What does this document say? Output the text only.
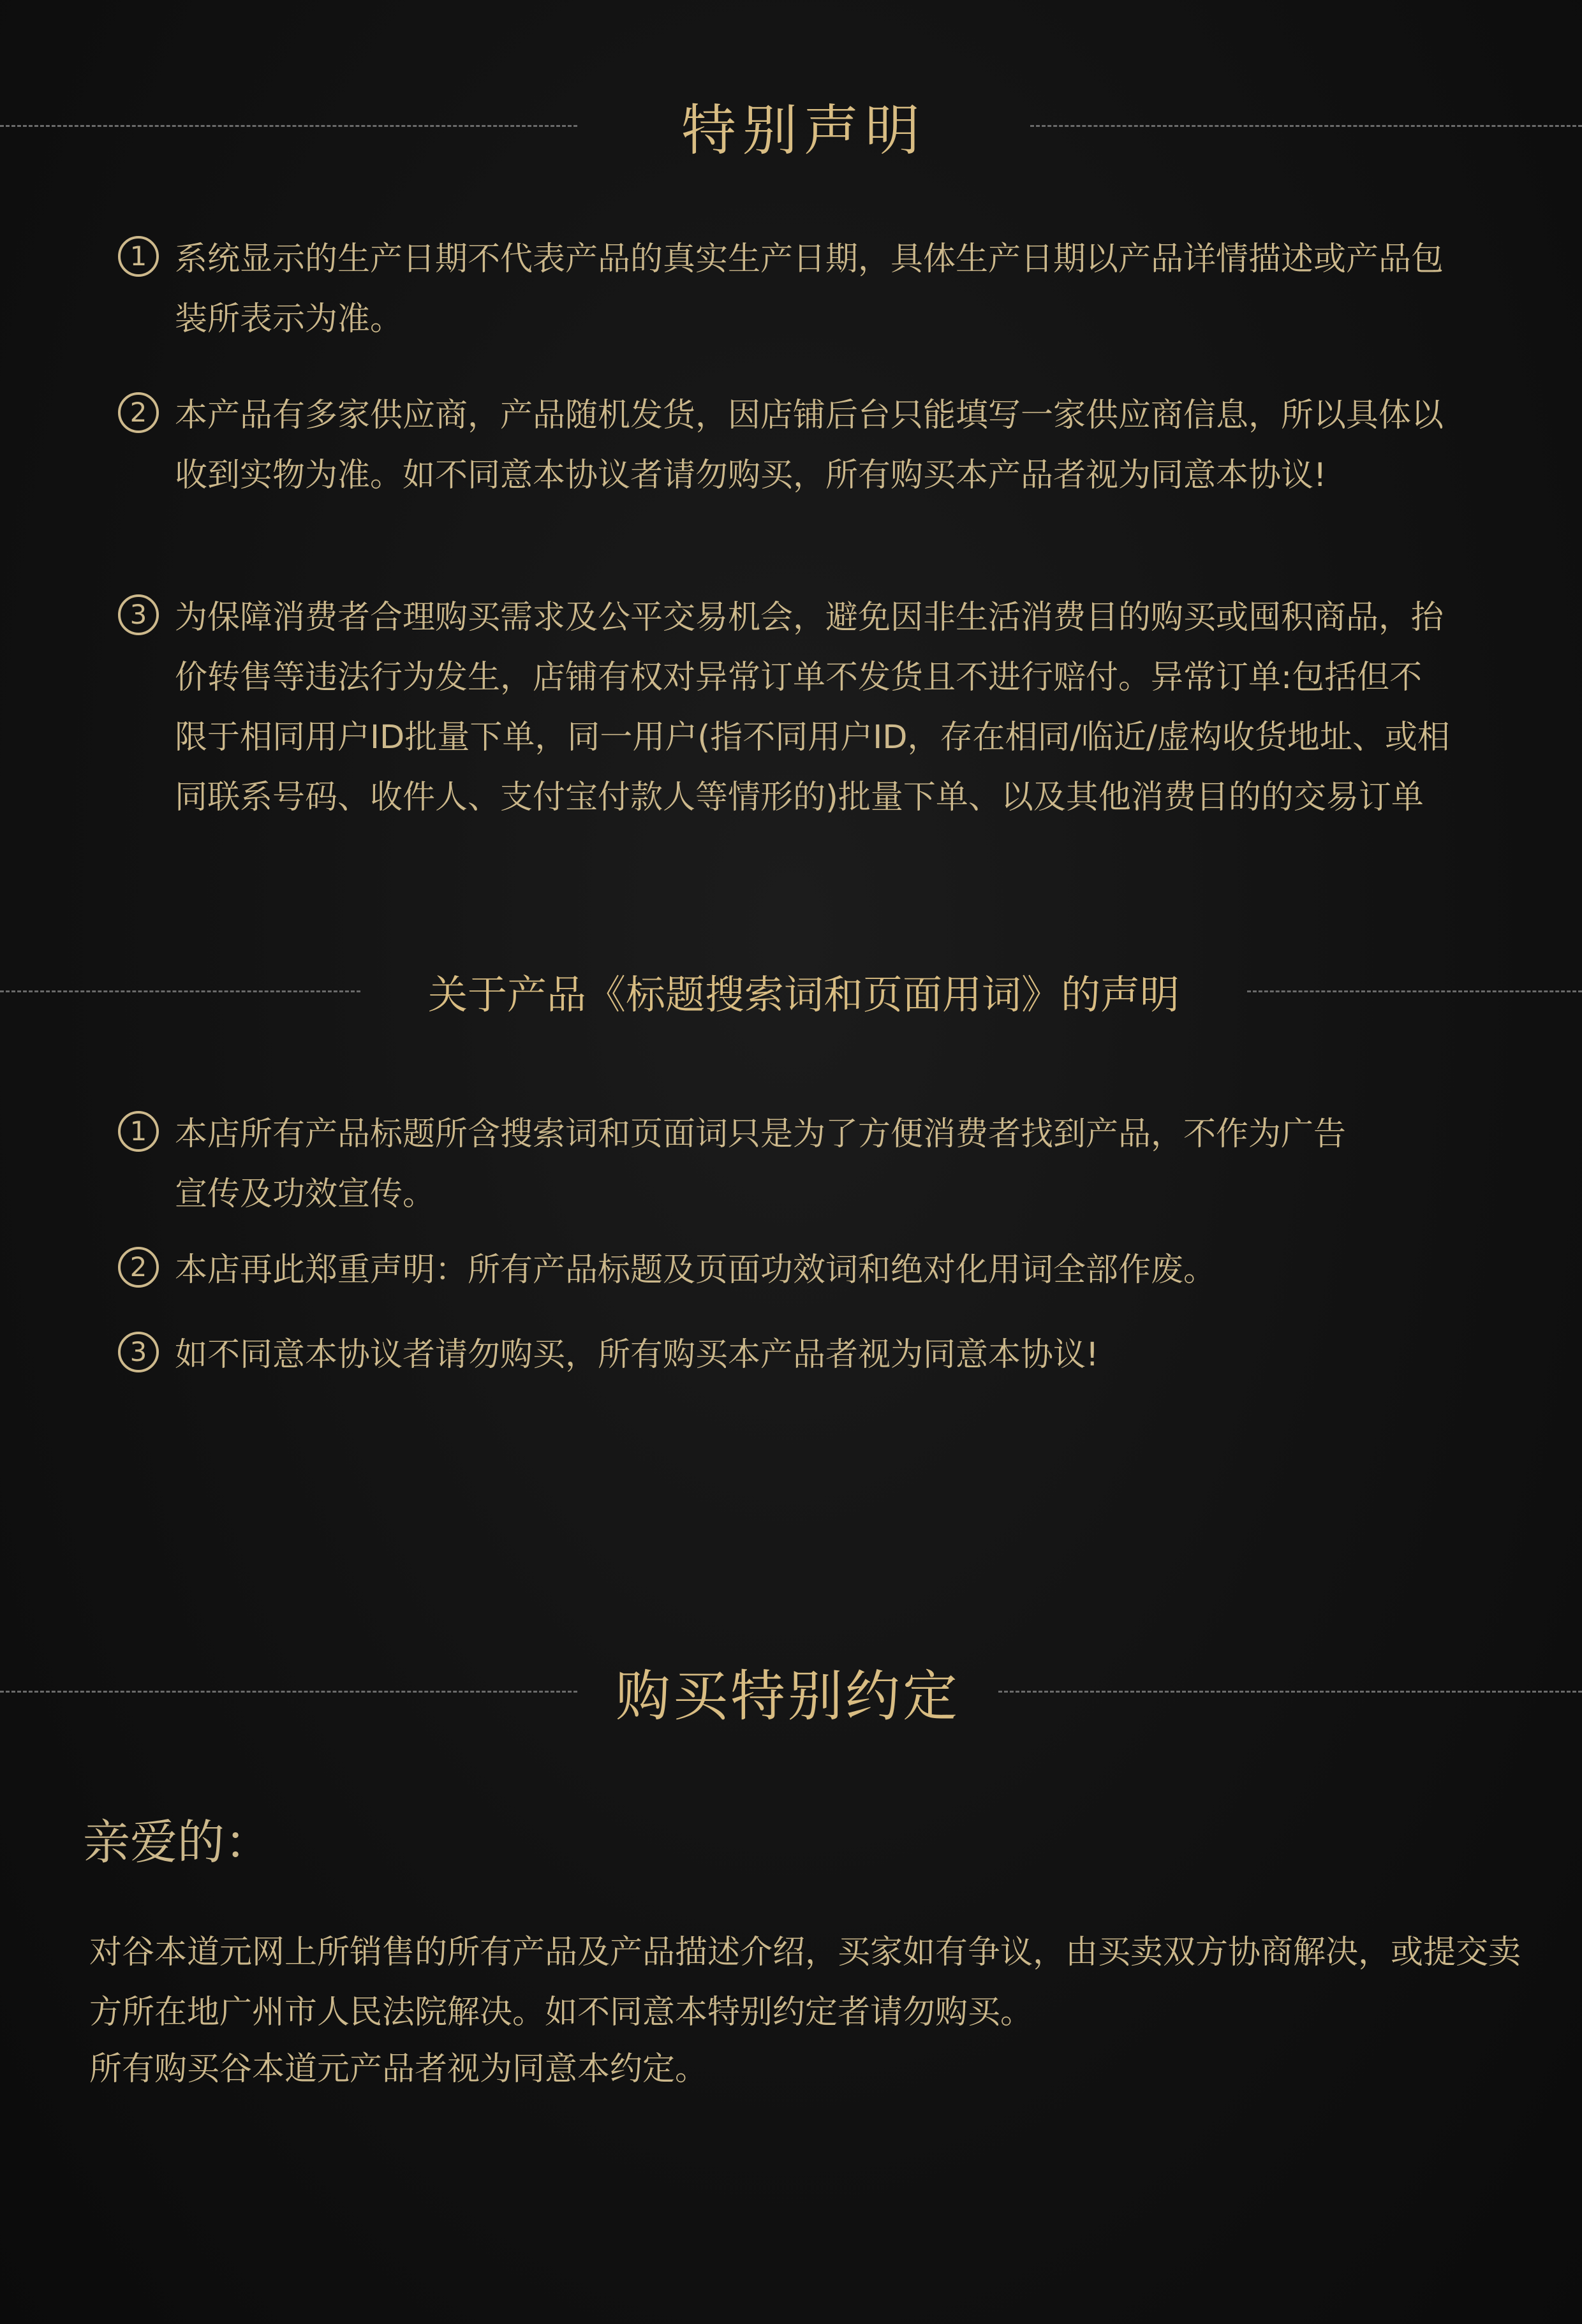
特别声明
1 系统显示的生产日期不代表产品的真实生产日期，具体生产日期以产品详情描述或产品包装所表示为准。
2 本产品有多家供应商，产品随机发货，因店铺后台只能填写一家供应商信息，所以具体以收到实物为准。如不同意本协议者请勿购买，所有购买本产品者视为同意本协议!
3 为保障消费者合理购买需求及公平交易机会，避免因非生活消费目的购买或囤积商品，抬价转售等违法行为发生，店铺有权对异常订单不发货且不进行赔付。异常订单:包括但不限于相同用户ID批量下单，同一用户(指不同用户ID，存在相同/临近/虚构收货地址、或相同联系号码、收件人、支付宝付款人等情形的)批量下单、以及其他消费目的的交易订单
关于产品《标题搜索词和页面用词》的声明
1 本店所有产品标题所含搜索词和页面词只是为了方便消费者找到产品，不作为广告宣传及功效宣传。
2 本店再此郑重声明：所有产品标题及页面功效词和绝对化用词全部作废。
3 如不同意本协议者请勿购买，所有购买本产品者视为同意本协议!
购买特别约定
亲爱的：
对谷本道元网上所销售的所有产品及产品描述介绍，买家如有争议，由买卖双方协商解决，或提交卖方所在地广州市人民法院解决。如不同意本特别约定者请勿购买。
所有购买谷本道元产品者视为同意本约定。
